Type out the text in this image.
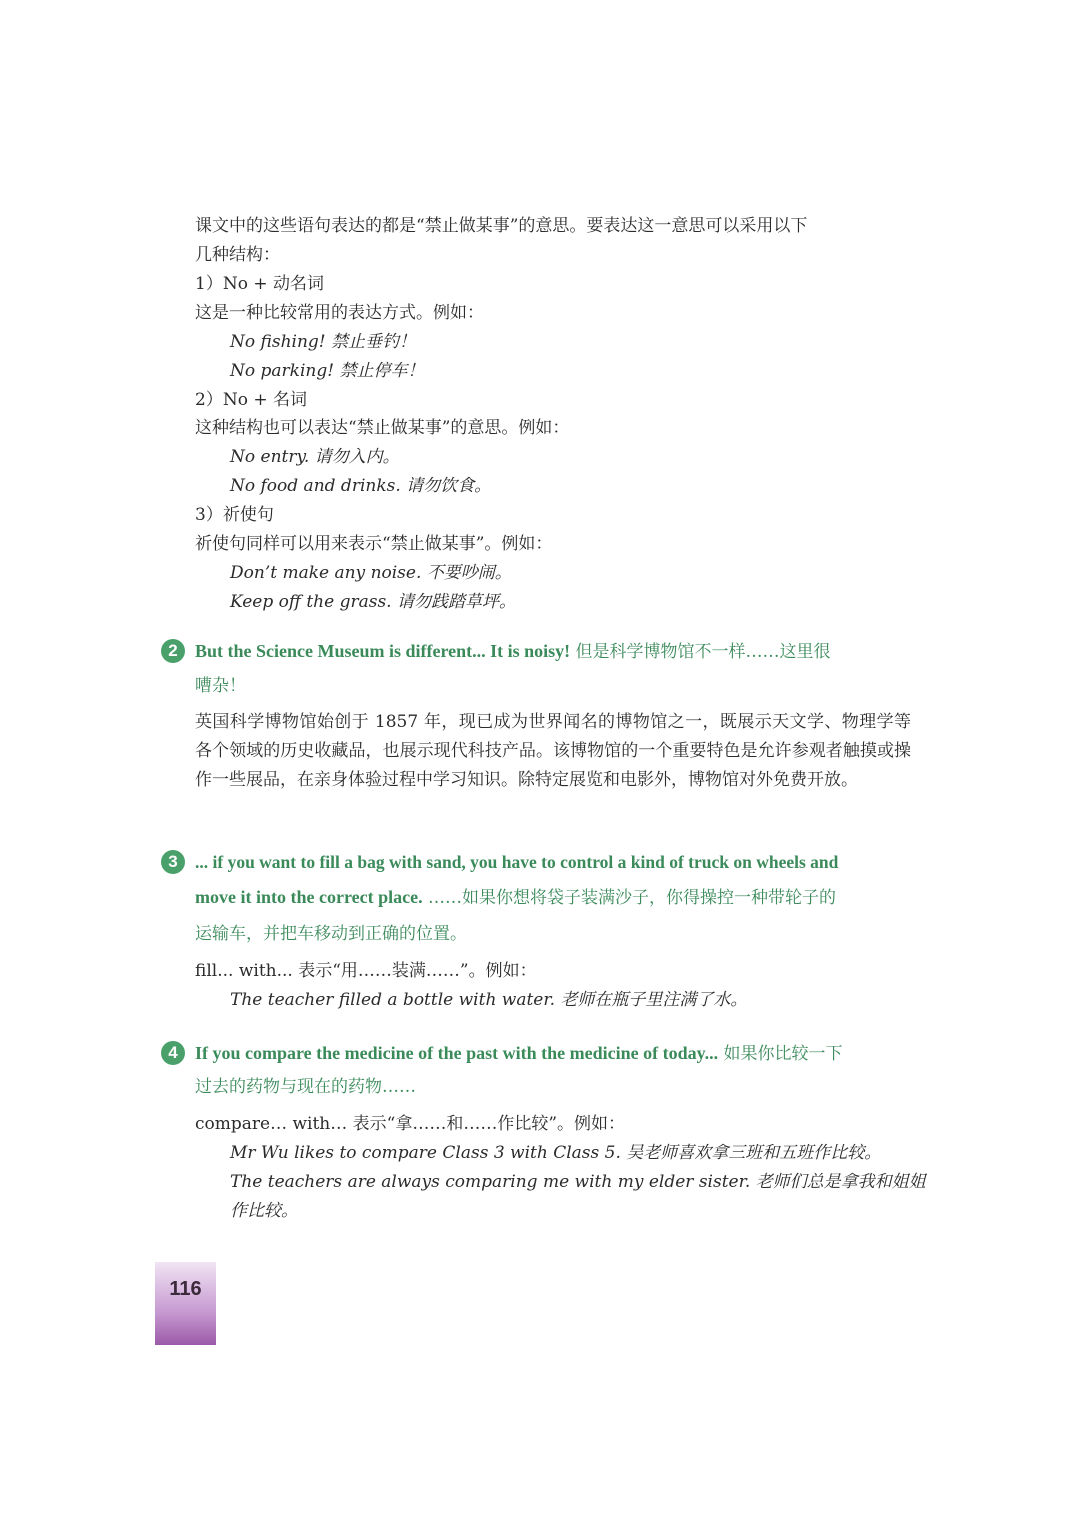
课文中的这些语句表达的都是“禁止做某事”的意思。要表达这一意思可以采用以下
几种结构：
1）No + 动名词
这是一种比较常用的表达方式。例如：
No fishing! 禁止垂钓！
No parking! 禁止停车！
2）No + 名词
这种结构也可以表达“禁止做某事”的意思。例如：
No entry. 请勿入内。
No food and drinks. 请勿饮食。
3）祈使句
祈使句同样可以用来表示“禁止做某事”。例如：
Don’t make any noise. 不要吵闹。
Keep off the grass. 请勿践踏草坪。
2 But the Science Museum is different... It is noisy! 但是科学博物馆不一样……这里很
嘈杂！
英国科学博物馆始创于 1857 年，现已成为世界闻名的博物馆之一，既展示天文学、物理学等各个领域的历史收藏品，也展示现代科技产品。该博物馆的一个重要特色是允许参观者触摸或操作一些展品，在亲身体验过程中学习知识。除特定展览和电影外，博物馆对外免费开放。
3 ... if you want to fill a bag with sand, you have to control a kind of truck on wheels and
move it into the correct place. ……如果你想将袋子装满沙子，你得操控一种带轮子的
运输车，并把车移动到正确的位置。
fill... with... 表示“用……装满……”。例如：
The teacher filled a bottle with water. 老师在瓶子里注满了水。
4 If you compare the medicine of the past with the medicine of today... 如果你比较一下
过去的药物与现在的药物……
compare… with… 表示“拿……和……作比较”。例如：
Mr Wu likes to compare Class 3 with Class 5. 吴老师喜欢拿三班和五班作比较。
The teachers are always comparing me with my elder sister. 老师们总是拿我和姐姐
作比较。
116
